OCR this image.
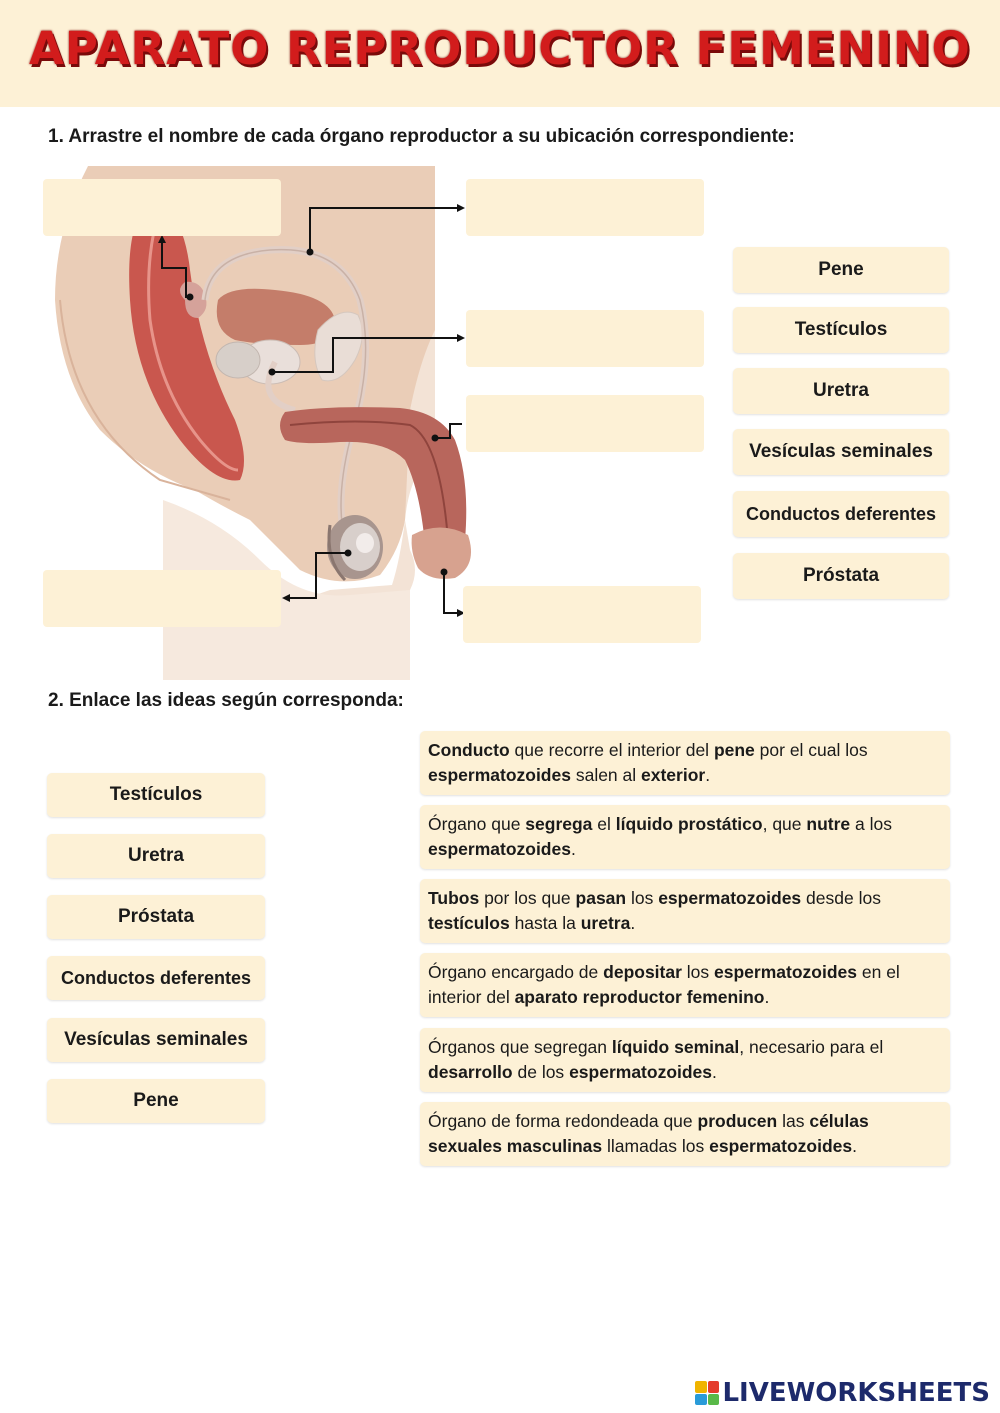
APARATO REPRODUCTOR FEMENINO
1. Arrastre el nombre de cada órgano reproductor a su ubicación correspondiente:
Pene
Testículos
Uretra
Vesículas seminales
Conductos deferentes
Próstata
2. Enlace las ideas según corresponda:
Testículos
Uretra
Próstata
Conductos deferentes
Vesículas seminales
Pene
Conducto que recorre el interior del pene por el cual los espermatozoides salen al exterior.
Órgano que segrega el líquido prostático, que nutre a los espermatozoides.
Tubos por los que pasan los espermatozoides desde los testículos hasta la uretra.
Órgano encargado de depositar los espermatozoides en el interior del aparato reproductor femenino.
Órganos que segregan líquido seminal, necesario para el desarrollo de los espermatozoides.
Órgano de forma redondeada que producen las células sexuales masculinas llamadas los espermatozoides.
LIVEWORKSHEETS
